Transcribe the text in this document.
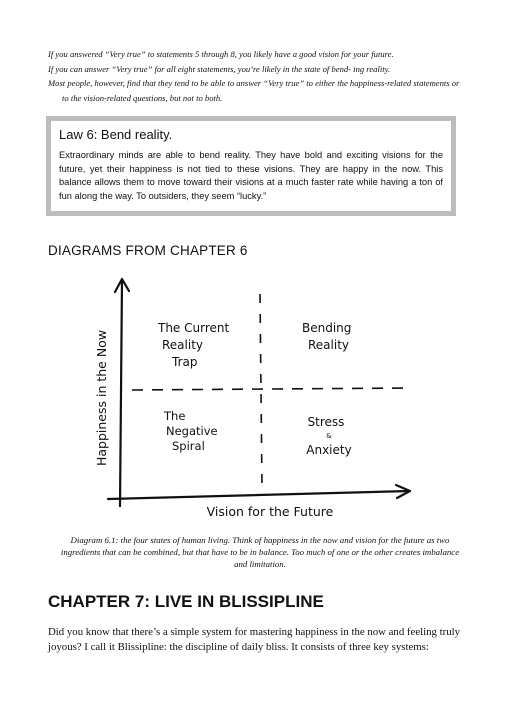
If you answered “Very true” to statements 5 through 8, you likely have a good vision for your future.

If you can answer “Very true” for all eight statements, you’re likely in the state of bend- ing reality.

Most people, however, find that they tend to be able to answer “Very true” to either the happiness-related statements or to the vision-related questions, but not to both.

Law 6: Bend reality.

Extraordinary minds are able to bend reality. They have bold and exciting visions for the future, yet their happiness is not tied to these visions. They are happy in the now. This balance allows them to move toward their visions at a much faster rate while having a ton of fun along the way. To outsiders, they seem “lucky.”

DIAGRAMS FROM CHAPTER 6
Happiness in the Now
Vision for the Future
The Current
Reality
Trap
Bending
Reality
The
Negative
Spiral
Stress
&
Anxiety

Diagram 6.1: the four states of human living. Think of happiness in the now and vision for the future as two ingredients that can be combined, but that have to be in balance. Too much of one or the other creates imbalance and limitation.

CHAPTER 7: LIVE IN BLISSIPLINE

Did you know that there’s a simple system for mastering happiness in the now and feeling truly joyous? I call it Blissipline: the discipline of daily bliss. It consists of three key systems:
